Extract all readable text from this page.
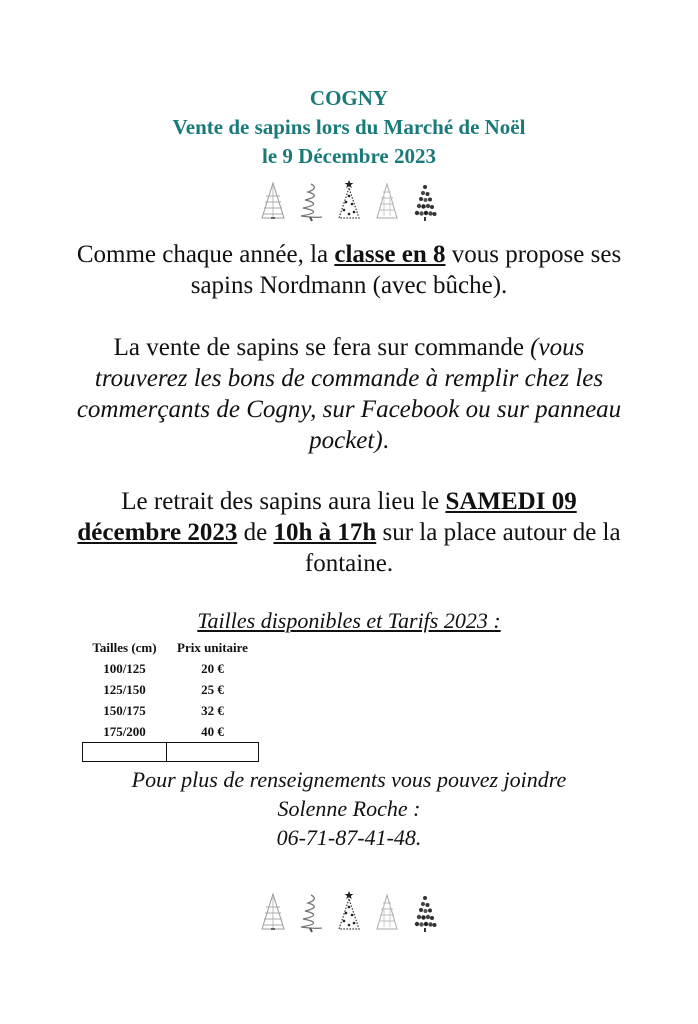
COGNY
Vente de sapins lors du Marché de Noël
le 9 Décembre 2023
Comme chaque année, la classe en 8 vous propose ses sapins Nordmann (avec bûche).
La vente de sapins se fera sur commande (vous trouverez les bons de commande à remplir chez les commerçants de Cogny, sur Facebook ou sur panneau pocket).
Le retrait des sapins aura lieu le SAMEDI 09 décembre 2023 de 10h à 17h sur la place autour de la fontaine.
Tailles disponibles et Tarifs 2023 :
Tailles (cm)	Prix unitaire
100/125	20 €
125/150	25 €
150/175	32 €
175/200	40 €

Pour plus de renseignements vous pouvez joindre
Solenne Roche :
06-71-87-41-48.
